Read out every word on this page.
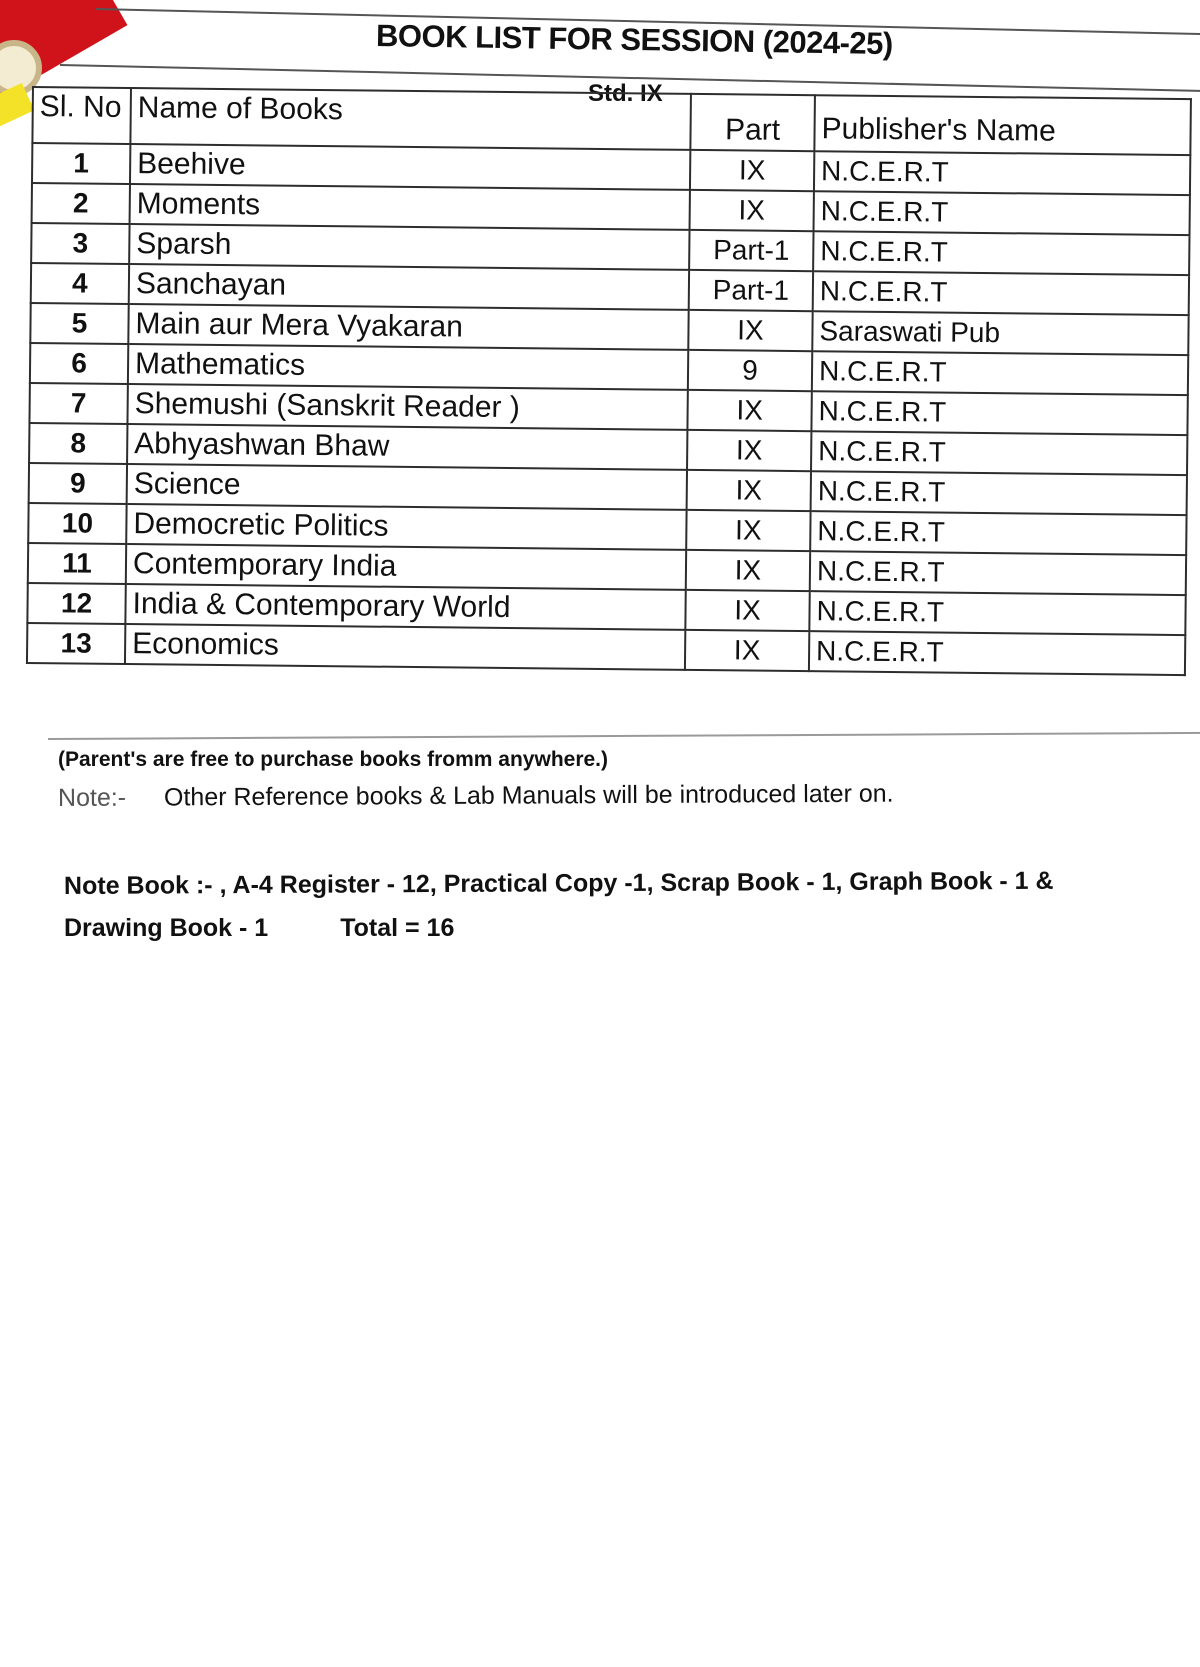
BOOK LIST FOR SESSION (2024-25)
Std. IX
Sl. No	Name of Books	Part	Publisher's Name
1	Beehive	IX	N.C.E.R.T
2	Moments	IX	N.C.E.R.T
3	Sparsh	Part-1	N.C.E.R.T
4	Sanchayan	Part-1	N.C.E.R.T
5	Main aur Mera Vyakaran	IX	Saraswati Pub
6	Mathematics	9	N.C.E.R.T
7	Shemushi (Sanskrit Reader )	IX	N.C.E.R.T
8	Abhyashwan Bhaw	IX	N.C.E.R.T
9	Science	IX	N.C.E.R.T
10	Democretic Politics	IX	N.C.E.R.T
11	Contemporary India	IX	N.C.E.R.T
12	India & Contemporary World	IX	N.C.E.R.T
13	Economics	IX	N.C.E.R.T
(Parent's are free to purchase books fromm anywhere.)
Note:- Other Reference books & Lab Manuals will be introduced later on.
Note Book :- , A-4 Register - 12, Practical Copy -1, Scrap Book - 1, Graph Book - 1 &
Drawing Book - 1	Total = 16
